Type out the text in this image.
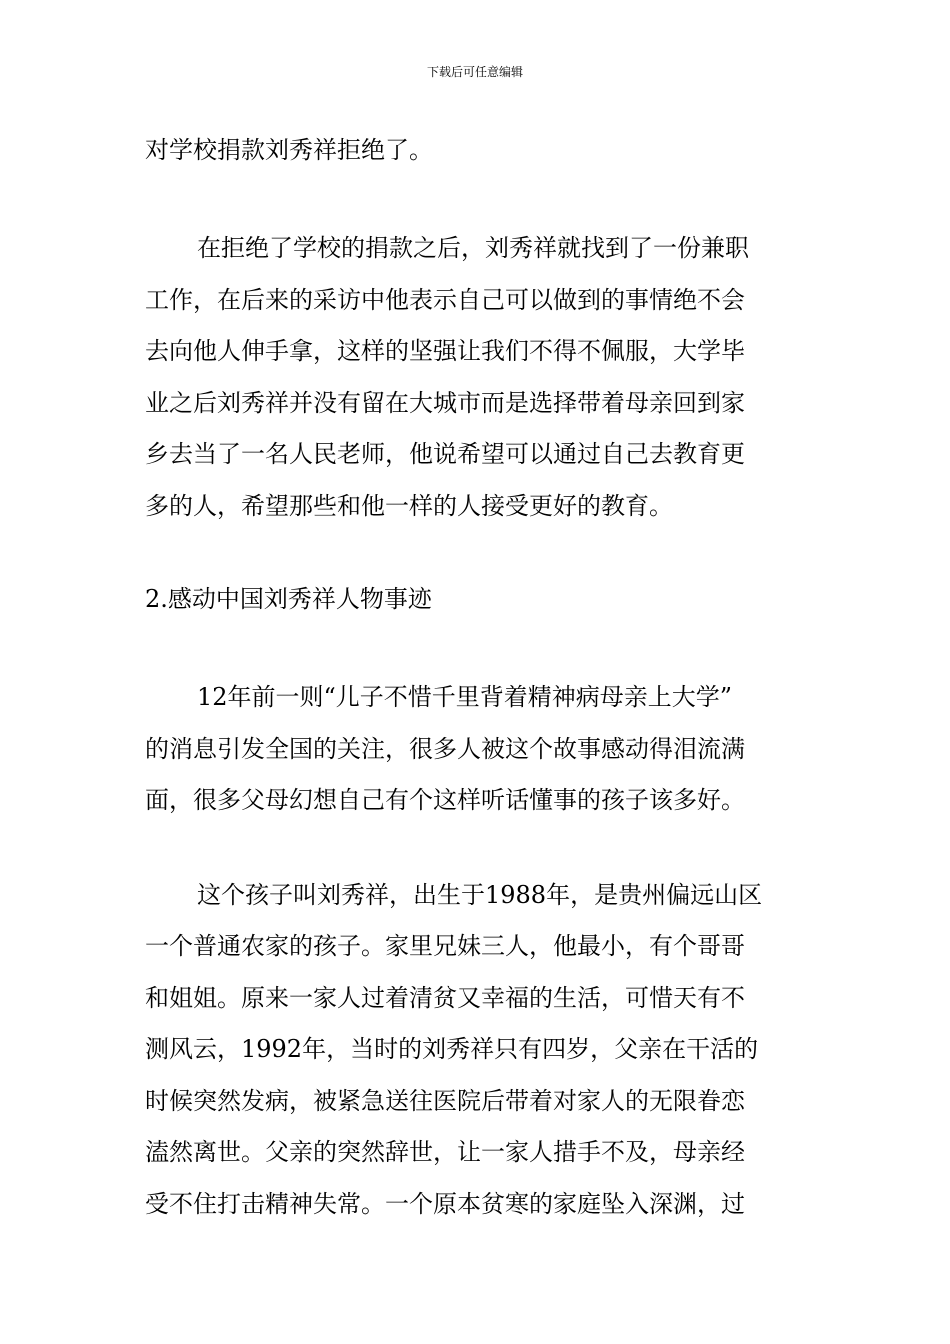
下载后可任意编辑

对学校捐款刘秀祥拒绝了。

在拒绝了学校的捐款之后，刘秀祥就找到了一份兼职

工作，在后来的采访中他表示自己可以做到的事情绝不会

去向他人伸手拿，这样的坚强让我们不得不佩服，大学毕

业之后刘秀祥并没有留在大城市而是选择带着母亲回到家

乡去当了一名人民老师，他说希望可以通过自己去教育更

多的人，希望那些和他一样的人接受更好的教育。

2.感动中国刘秀祥人物事迹

12年前一则“儿子不惜千里背着精神病母亲上大学”

的消息引发全国的关注，很多人被这个故事感动得泪流满

面，很多父母幻想自己有个这样听话懂事的孩子该多好。

这个孩子叫刘秀祥，出生于1988年，是贵州偏远山区

一个普通农家的孩子。家里兄妹三人，他最小，有个哥哥

和姐姐。原来一家人过着清贫又幸福的生活，可惜天有不

测风云，1992年，当时的刘秀祥只有四岁，父亲在干活的

时候突然发病，被紧急送往医院后带着对家人的无限眷恋

溘然离世。父亲的突然辞世，让一家人措手不及，母亲经

受不住打击精神失常。一个原本贫寒的家庭坠入深渊，过
